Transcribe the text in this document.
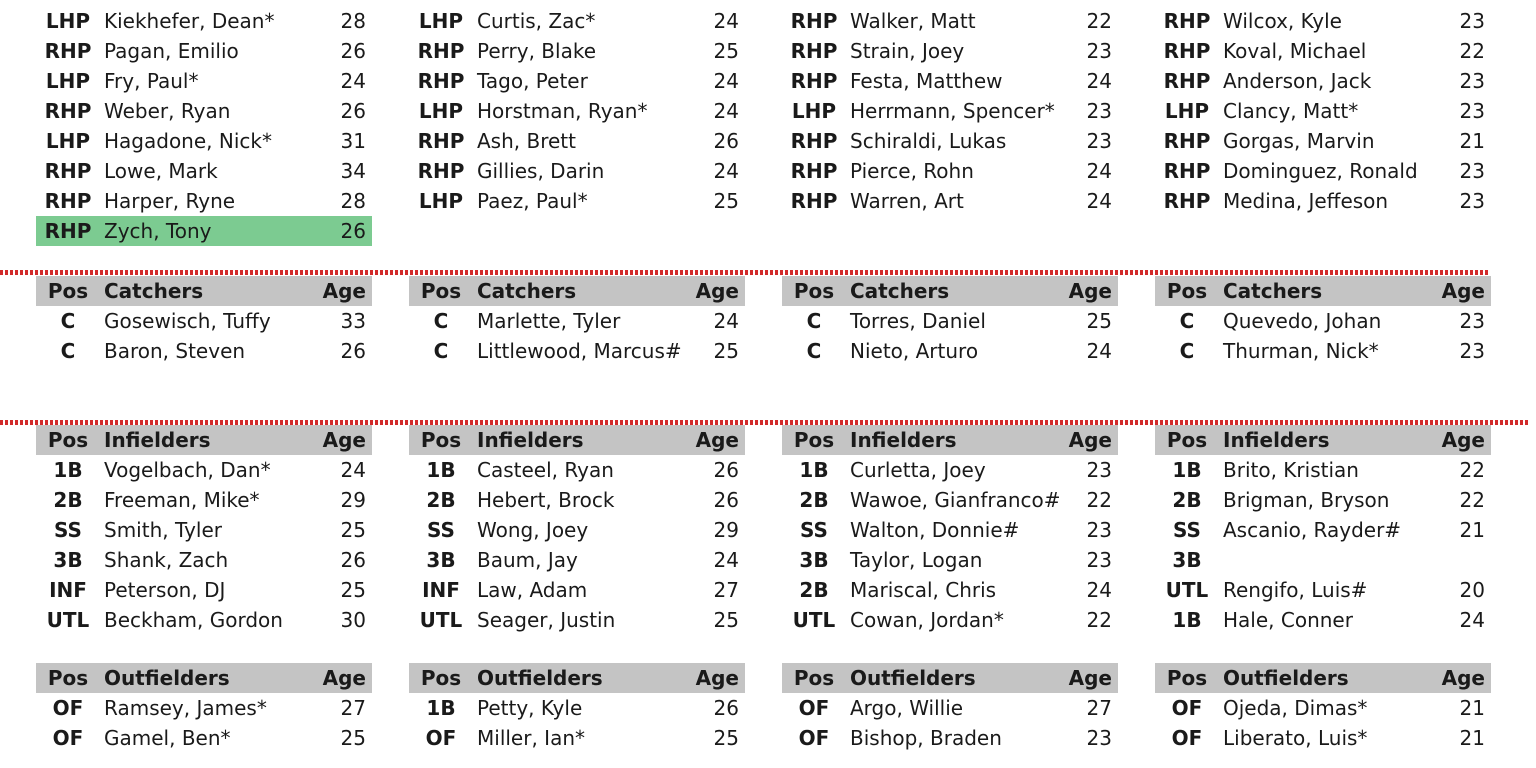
LHP Kiekhefer, Dean*	28
RHP Pagan, Emilio	26
LHP Fry, Paul*	24
RHP Weber, Ryan	26
LHP Hagadone, Nick*	31
RHP Lowe, Mark	34
RHP Harper, Ryne	28
RHP Zych, Tony	26
LHP Curtis, Zac*	24
RHP Perry, Blake	25
RHP Tago, Peter	24
LHP Horstman, Ryan*	24
RHP Ash, Brett	26
RHP Gillies, Darin	24
LHP Paez, Paul*	25
RHP Walker, Matt	22
RHP Strain, Joey	23
RHP Festa, Matthew	24
LHP Herrmann, Spencer*	23
RHP Schiraldi, Lukas	23
RHP Pierce, Rohn	24
RHP Warren, Art	24
RHP Wilcox, Kyle	23
RHP Koval, Michael	22
RHP Anderson, Jack	23
LHP Clancy, Matt*	23
RHP Gorgas, Marvin	21
RHP Dominguez, Ronald	23
RHP Medina, Jeffeson	23
Pos Catchers	Age
C	Gosewisch, Tuffy	33
C	Baron, Steven	26
Pos Catchers	Age
C	Marlette, Tyler	24
C	Littlewood, Marcus#	25
Pos Catchers	Age
C	Torres, Daniel	25
C	Nieto, Arturo	24
Pos Catchers	Age
C	Quevedo, Johan	23
C	Thurman, Nick*	23
Pos Infielders	Age
1B	Vogelbach, Dan*	24
2B	Freeman, Mike*	29
SS	Smith, Tyler	25
3B	Shank, Zach	26
INF Peterson, DJ	25
UTL Beckham, Gordon	30
Pos Infielders	Age
1B	Casteel, Ryan	26
2B	Hebert, Brock	26
SS	Wong, Joey	29
3B	Baum, Jay	24
INF Law, Adam	27
UTL Seager, Justin	25
Pos Infielders	Age
1B	Curletta, Joey	23
2B	Wawoe, Gianfranco#	22
SS	Walton, Donnie#	23
3B	Taylor, Logan	23
2B	Mariscal, Chris	24
UTL Cowan, Jordan*	22
Pos Infielders	Age
1B	Brito, Kristian	22
2B	Brigman, Bryson	22
SS	Ascanio, Rayder#	21
3B
UTL Rengifo, Luis#	20
1B	Hale, Conner	24
Pos Outfielders	Age
OF	Ramsey, James*	27
OF	Gamel, Ben*	25
Pos Outfielders	Age
1B	Petty, Kyle	26
OF	Miller, Ian*	25
Pos Outfielders	Age
OF	Argo, Willie	27
OF	Bishop, Braden	23
Pos Outfielders	Age
OF	Ojeda, Dimas*	21
OF	Liberato, Luis*	21
